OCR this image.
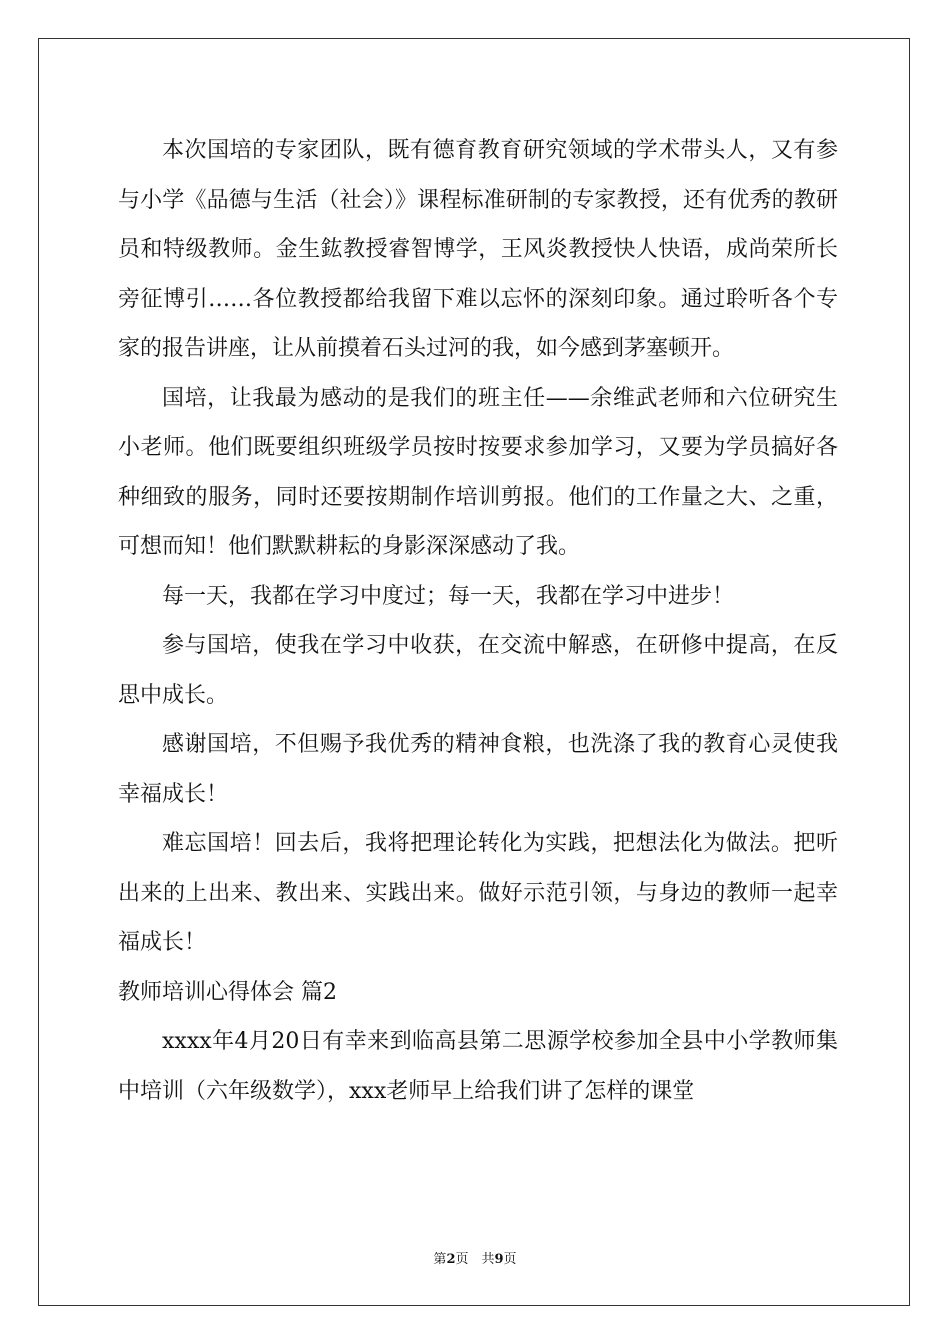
本次国培的专家团队，既有德育教育研究领域的学术带头人，又有参与小学《品德与生活（社会）》课程标准研制的专家教授，还有优秀的教研员和特级教师。金生鈜教授睿智博学，王风炎教授快人快语，成尚荣所长旁征博引……各位教授都给我留下难以忘怀的深刻印象。通过聆听各个专家的报告讲座，让从前摸着石头过河的我，如今感到茅塞顿开。

国培，让我最为感动的是我们的班主任——余维武老师和六位研究生小老师。他们既要组织班级学员按时按要求参加学习，又要为学员搞好各种细致的服务，同时还要按期制作培训剪报。他们的工作量之大、之重，可想而知！他们默默耕耘的身影深深感动了我。

每一天，我都在学习中度过；每一天，我都在学习中进步！

参与国培，使我在学习中收获，在交流中解惑，在研修中提高，在反思中成长。

感谢国培，不但赐予我优秀的精神食粮，也洗涤了我的教育心灵使我幸福成长！

难忘国培！回去后，我将把理论转化为实践，把想法化为做法。把听出来的上出来、教出来、实践出来。做好示范引领，与身边的教师一起幸福成长！

教师培训心得体会 篇2

xxxx年4月20日有幸来到临高县第二思源学校参加全县中小学教师集中培训（六年级数学），xxx老师早上给我们讲了怎样的课堂

第2页　共9页
